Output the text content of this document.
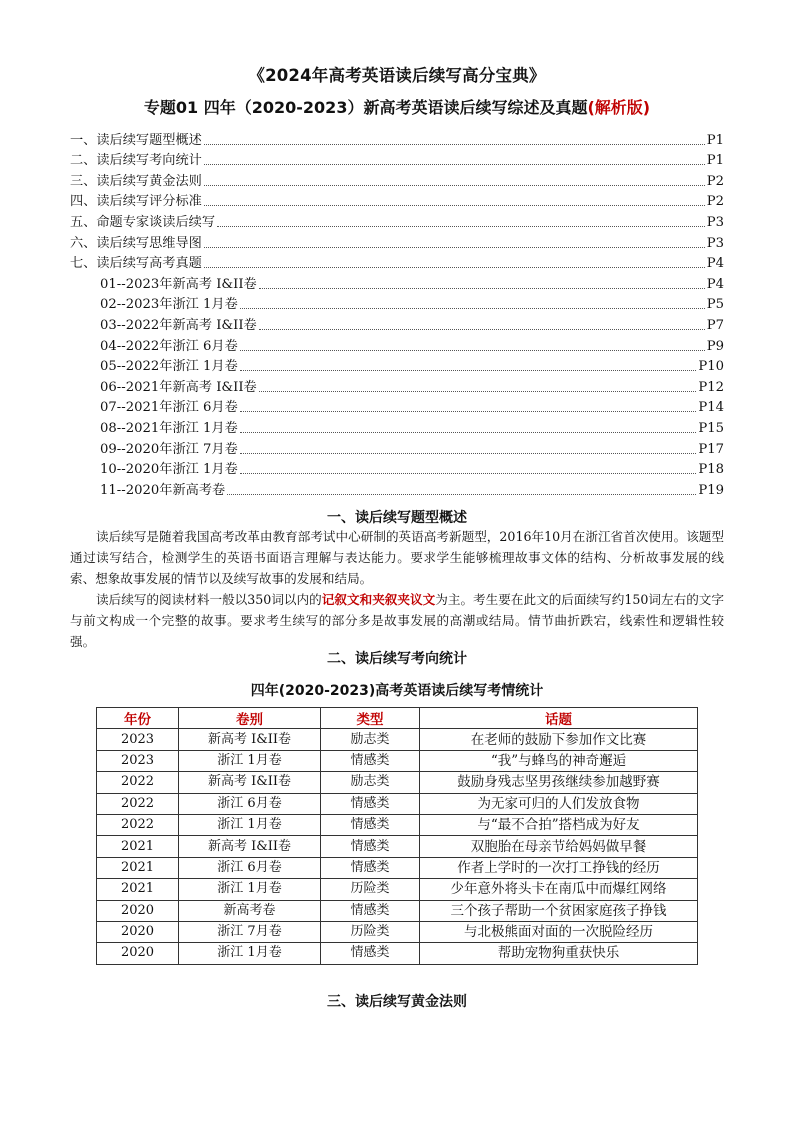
《2024年高考英语读后续写高分宝典》
专题01 四年（2020-2023）新高考英语读后续写综述及真题(解析版)
一、读后续写题型概述	P1
二、读后续写考向统计	P1
三、读后续写黄金法则	P2
四、读后续写评分标准	P2
五、命题专家谈读后续写	P3
六、读后续写思维导图	P3
七、读后续写高考真题	P4
01--2023年新高考 I&II卷	P4
02--2023年浙江 1月卷	P5
03--2022年新高考 I&II卷	P7
04--2022年浙江 6月卷	P9
05--2022年浙江 1月卷	P10
06--2021年新高考 I&II卷	P12
07--2021年浙江 6月卷	P14
08--2021年浙江 1月卷	P15
09--2020年浙江 7月卷	P17
10--2020年浙江 1月卷	P18
11--2020年新高考卷	P19
一、读后续写题型概述
读后续写是随着我国高考改革由教育部考试中心研制的英语高考新题型，2016年10月在浙江省首次使用。该题型通过读写结合，检测学生的英语书面语言理解与表达能力。要求学生能够梳理故事文体的结构、分析故事发展的线索、想象故事发展的情节以及续写故事的发展和结局。
读后续写的阅读材料一般以350词以内的记叙文和夹叙夹议文为主。考生要在此文的后面续写约150词左右的文字与前文构成一个完整的故事。要求考生续写的部分多是故事发展的高潮或结局。情节曲折跌宕，线索性和逻辑性较强。
二、读后续写考向统计
四年(2020-2023)高考英语读后续写考情统计
年份	卷别	类型	话题
2023	新高考 I&II卷	励志类	在老师的鼓励下参加作文比赛
2023	浙江 1月卷	情感类	“我”与蜂鸟的神奇邂逅
2022	新高考 I&II卷	励志类	鼓励身残志坚男孩继续参加越野赛
2022	浙江 6月卷	情感类	为无家可归的人们发放食物
2022	浙江 1月卷	情感类	与“最不合拍”搭档成为好友
2021	新高考 I&II卷	情感类	双胞胎在母亲节给妈妈做早餐
2021	浙江 6月卷	情感类	作者上学时的一次打工挣钱的经历
2021	浙江 1月卷	历险类	少年意外将头卡在南瓜中而爆红网络
2020	新高考卷	情感类	三个孩子帮助一个贫困家庭孩子挣钱
2020	浙江 7月卷	历险类	与北极熊面对面的一次脱险经历
2020	浙江 1月卷	情感类	帮助宠物狗重获快乐
三、读后续写黄金法则
